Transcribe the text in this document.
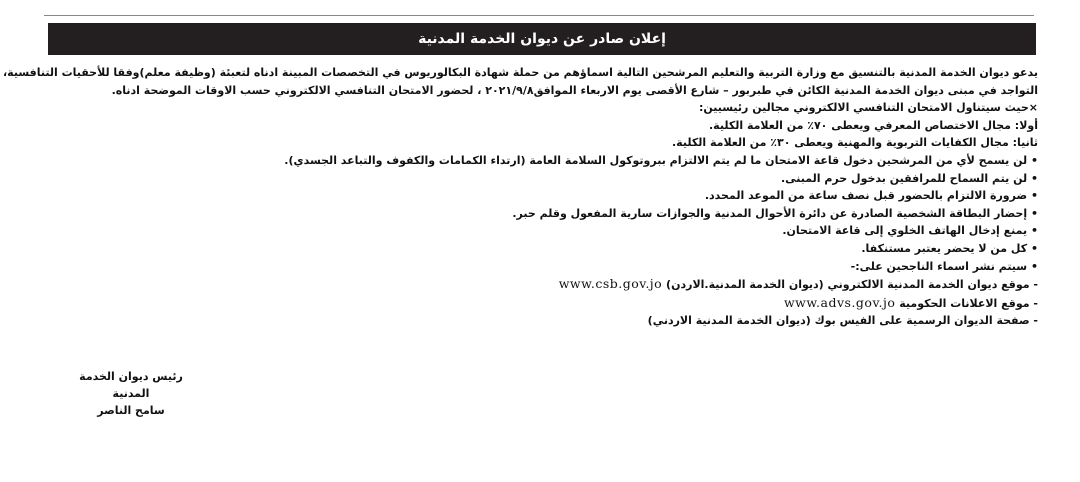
إعلان صادر عن ديوان الخدمة المدنية
يدعو ديوان الخدمة المدنية بالتنسيق مع وزارة التربية والتعليم المرشحين التالية اسماؤهم من حملة شهادة البكالوريوس في التخصصات المبينة ادناه لتعبئة (وظيفة معلم)وفقا للأحقيات التنافسية،
التواجد في مبنى ديوان الخدمة المدنية الكائن في طبربور – شارع الأقصى يوم الاربعاء الموافق٢٠٢١/٩/٨ ، لحضور الامتحان التنافسي الالكتروني حسب الاوقات الموضحة ادناه.
×حيث سيتناول الامتحان التنافسي الالكتروني مجالين رئيسيين:
أولا: مجال الاختصاص المعرفي ويعطى ٧٠٪ من العلامة الكلية.
ثانيا: مجال الكفايات التربوية والمهنية ويعطى ٣٠٪ من العلامة الكلية.
• لن يسمح لأي من المرشحين دخول قاعة الامتحان ما لم يتم الالتزام ببروتوكول السلامة العامة (ارتداء الكمامات والكفوف والتباعد الجسدي).
• لن يتم السماح للمرافقين بدخول حرم المبنى.
• ضرورة الالتزام بالحضور قبل نصف ساعة من الموعد المحدد.
• إحضار البطاقة الشخصية الصادرة عن دائرة الأحوال المدنية والجوازات سارية المفعول وقلم حبر.
• يمنع إدخال الهاتف الخلوي إلى قاعة الامتحان.
• كل من لا يحضر يعتبر مستنكفا.
• سيتم نشر اسماء الناجحين على:-
- موقع ديوان الخدمة المدنية الالكتروني (ديوان الخدمة المدنية.الاردن) www.csb.gov.jo
- موقع الاعلانات الحكومية www.advs.gov.jo
- صفحة الديوان الرسمية على الفيس بوك (ديوان الخدمة المدنية الاردني)
رئيس ديوان الخدمة المدنية
سامح الناصر
